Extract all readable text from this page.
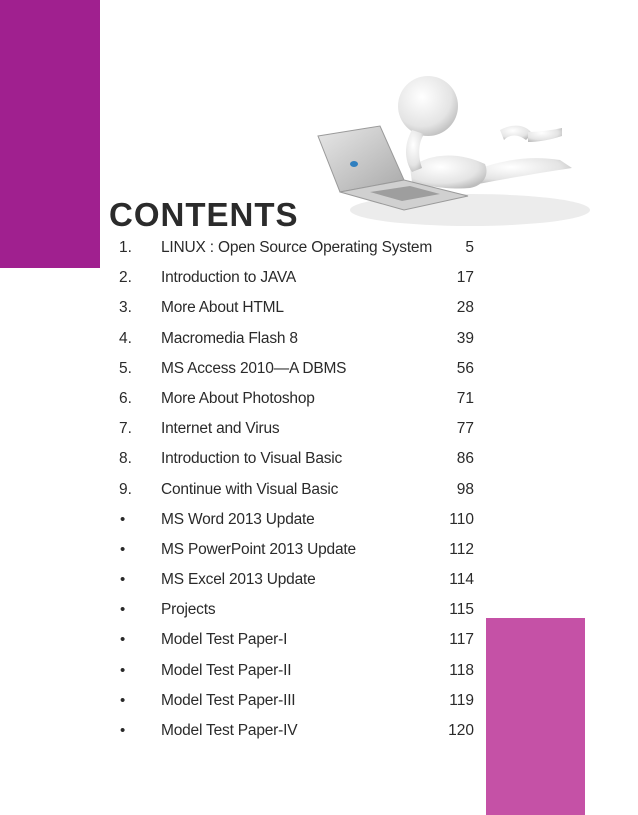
CONTENTS
1.	LINUX : Open Source Operating System	5
2.	Introduction to JAVA	17
3.	More About HTML	28
4.	Macromedia Flash 8	39
5.	MS Access 2010—A DBMS	56
6.	More About Photoshop	71
7.	Internet and Virus	77
8.	Introduction to Visual Basic	86
9.	Continue with Visual Basic	98
• MS Word 2013 Update	110
• MS PowerPoint 2013 Update	112
• MS Excel 2013 Update	114
• Projects	115
• Model Test Paper-I	117
• Model Test Paper-II	118
• Model Test Paper-III	119
• Model Test Paper-IV	120
